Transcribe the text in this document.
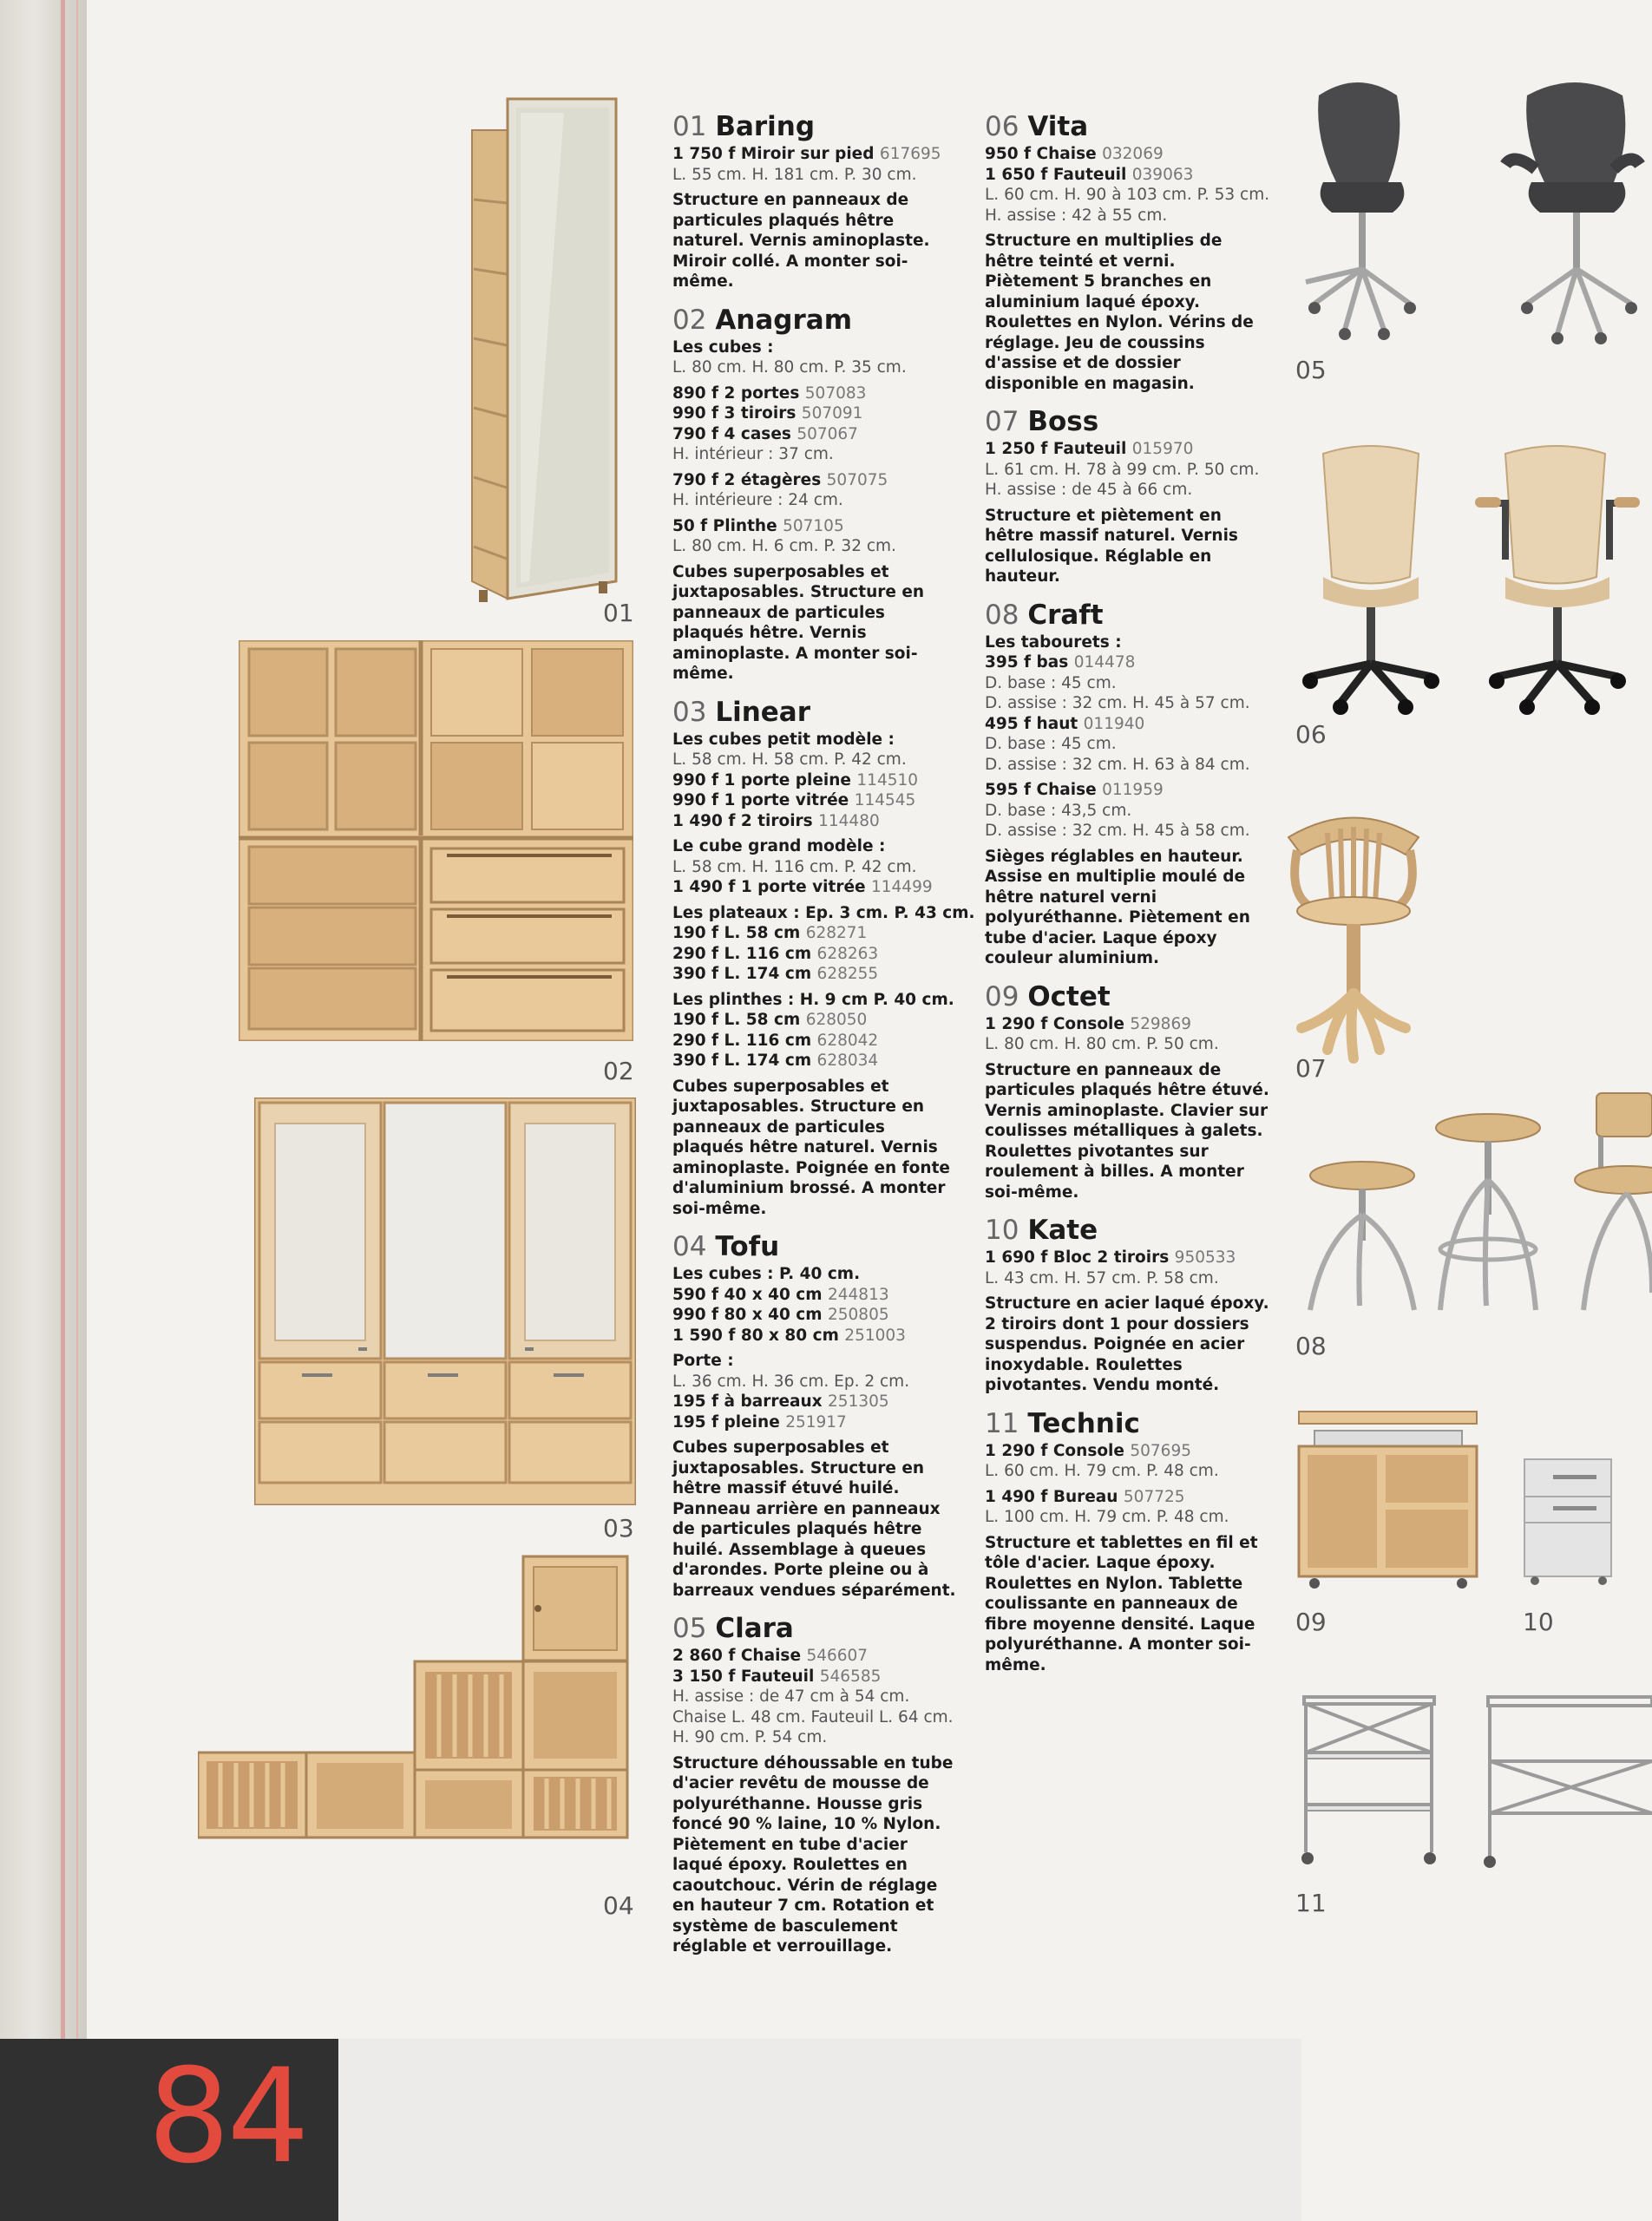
84
01
02
03
04
05
06
07
08
09	10
11
01 Baring
1 750 f Miroir sur pied 617695
L. 55 cm. H. 181 cm. P. 30 cm.
Structure en panneaux de particules plaqués hêtre naturel. Vernis aminoplaste. Miroir collé. A monter soi-même.
02 Anagram
Les cubes :
L. 80 cm. H. 80 cm. P. 35 cm.
890 f 2 portes 507083
990 f 3 tiroirs 507091
790 f 4 cases 507067
H. intérieur : 37 cm.
790 f 2 étagères 507075
H. intérieure : 24 cm.
50 f Plinthe 507105
L. 80 cm. H. 6 cm. P. 32 cm.
Cubes superposables et juxtaposables. Structure en panneaux de particules plaqués hêtre. Vernis aminoplaste. A monter soi-même.
03 Linear
Les cubes petit modèle :
L. 58 cm. H. 58 cm. P. 42 cm.
990 f 1 porte pleine 114510
990 f 1 porte vitrée 114545
1 490 f 2 tiroirs 114480
Le cube grand modèle :
L. 58 cm. H. 116 cm. P. 42 cm.
1 490 f 1 porte vitrée 114499
Les plateaux : Ep. 3 cm. P. 43 cm.
190 f L. 58 cm 628271
290 f L. 116 cm 628263
390 f L. 174 cm 628255
Les plinthes : H. 9 cm P. 40 cm.
190 f L. 58 cm 628050
290 f L. 116 cm 628042
390 f L. 174 cm 628034
Cubes superposables et juxtaposables. Structure en panneaux de particules plaqués hêtre naturel. Vernis aminoplaste. Poignée en fonte d'aluminium brossé. A monter soi-même.
04 Tofu
Les cubes : P. 40 cm.
590 f 40 x 40 cm 244813
990 f 80 x 40 cm 250805
1 590 f 80 x 80 cm 251003
Porte :
L. 36 cm. H. 36 cm. Ep. 2 cm.
195 f à barreaux 251305
195 f pleine 251917
Cubes superposables et juxtaposables. Structure en hêtre massif étuvé huilé. Panneau arrière en panneaux de particules plaqués hêtre huilé. Assemblage à queues d'arondes. Porte pleine ou à barreaux vendues séparément.
05 Clara
2 860 f Chaise 546607
3 150 f Fauteuil 546585
H. assise : de 47 cm à 54 cm.
Chaise L. 48 cm. Fauteuil L. 64 cm.
H. 90 cm. P. 54 cm.
Structure déhoussable en tube d'acier revêtu de mousse de polyuréthanne. Housse gris foncé 90 % laine, 10 % Nylon. Piètement en tube d'acier laqué époxy. Roulettes en caoutchouc. Vérin de réglage en hauteur 7 cm. Rotation et système de basculement réglable et verrouillage.
06 Vita
950 f Chaise 032069
1 650 f Fauteuil 039063
L. 60 cm. H. 90 à 103 cm. P. 53 cm.
H. assise : 42 à 55 cm.
Structure en multiplies de hêtre teinté et verni. Piètement 5 branches en aluminium laqué époxy. Roulettes en Nylon. Vérins de réglage. Jeu de coussins d'assise et de dossier disponible en magasin.
07 Boss
1 250 f Fauteuil 015970
L. 61 cm. H. 78 à 99 cm. P. 50 cm.
H. assise : de 45 à 66 cm.
Structure et piètement en hêtre massif naturel. Vernis cellulosique. Réglable en hauteur.
08 Craft
Les tabourets :
395 f bas 014478
D. base : 45 cm.
D. assise : 32 cm. H. 45 à 57 cm.
495 f haut 011940
D. base : 45 cm.
D. assise : 32 cm. H. 63 à 84 cm.
595 f Chaise 011959
D. base : 43,5 cm.
D. assise : 32 cm. H. 45 à 58 cm.
Sièges réglables en hauteur. Assise en multiplie moulé de hêtre naturel verni polyuréthanne. Piètement en tube d'acier. Laque époxy couleur aluminium.
09 Octet
1 290 f Console 529869
L. 80 cm. H. 80 cm. P. 50 cm.
Structure en panneaux de particules plaqués hêtre étuvé. Vernis aminoplaste. Clavier sur coulisses métalliques à galets. Roulettes pivotantes sur roulement à billes. A monter soi-même.
10 Kate
1 690 f Bloc 2 tiroirs 950533
L. 43 cm. H. 57 cm. P. 58 cm.
Structure en acier laqué époxy. 2 tiroirs dont 1 pour dossiers suspendus. Poignée en acier inoxydable. Roulettes pivotantes. Vendu monté.
11 Technic
1 290 f Console 507695
L. 60 cm. H. 79 cm. P. 48 cm.
1 490 f Bureau 507725
L. 100 cm. H. 79 cm. P. 48 cm.
Structure et tablettes en fil et tôle d'acier. Laque époxy. Roulettes en Nylon. Tablette coulissante en panneaux de fibre moyenne densité. Laque polyuréthanne. A monter soi-même.
